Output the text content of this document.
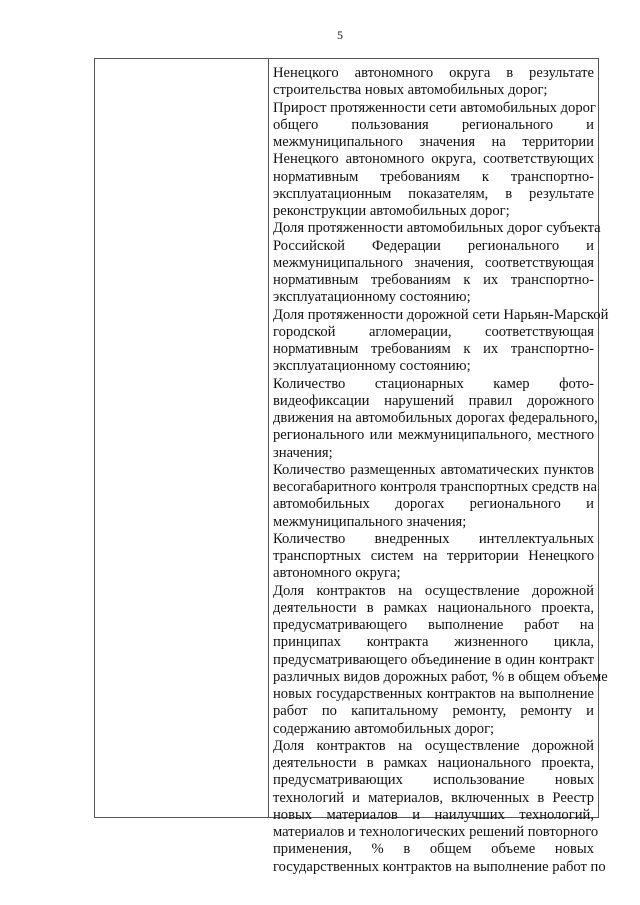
5
Ненецкого автономного округа в результате
строительства новых автомобильных дорог;
Прирост протяженности сети автомобильных дорог
общего пользования регионального и
межмуниципального значения на территории
Ненецкого автономного округа, соответствующих
нормативным требованиям к транспортно-
эксплуатационным показателям, в результате
реконструкции автомобильных дорог;
Доля протяженности автомобильных дорог субъекта
Российской Федерации регионального и
межмуниципального значения, соответствующая
нормативным требованиям к их транспортно-
эксплуатационному состоянию;
Доля протяженности дорожной сети Нарьян-Марской
городской агломерации, соответствующая
нормативным требованиям к их транспортно-
эксплуатационному состоянию;
Количество стационарных камер фото-
видеофиксации нарушений правил дорожного
движения на автомобильных дорогах федерального,
регионального или межмуниципального, местного
значения;
Количество размещенных автоматических пунктов
весогабаритного контроля транспортных средств на
автомобильных дорогах регионального и
межмуниципального значения;
Количество внедренных интеллектуальных
транспортных систем на территории Ненецкого
автономного округа;
Доля контрактов на осуществление дорожной
деятельности в рамках национального проекта,
предусматривающего выполнение работ на
принципах контракта жизненного цикла,
предусматривающего объединение в один контракт
различных видов дорожных работ, % в общем объеме
новых государственных контрактов на выполнение
работ по капитальному ремонту, ремонту и
содержанию автомобильных дорог;
Доля контрактов на осуществление дорожной
деятельности в рамках национального проекта,
предусматривающих использование новых
технологий и материалов, включенных в Реестр
новых материалов и наилучших технологий,
материалов и технологических решений повторного
применения, % в общем объеме новых
государственных контрактов на выполнение работ по
